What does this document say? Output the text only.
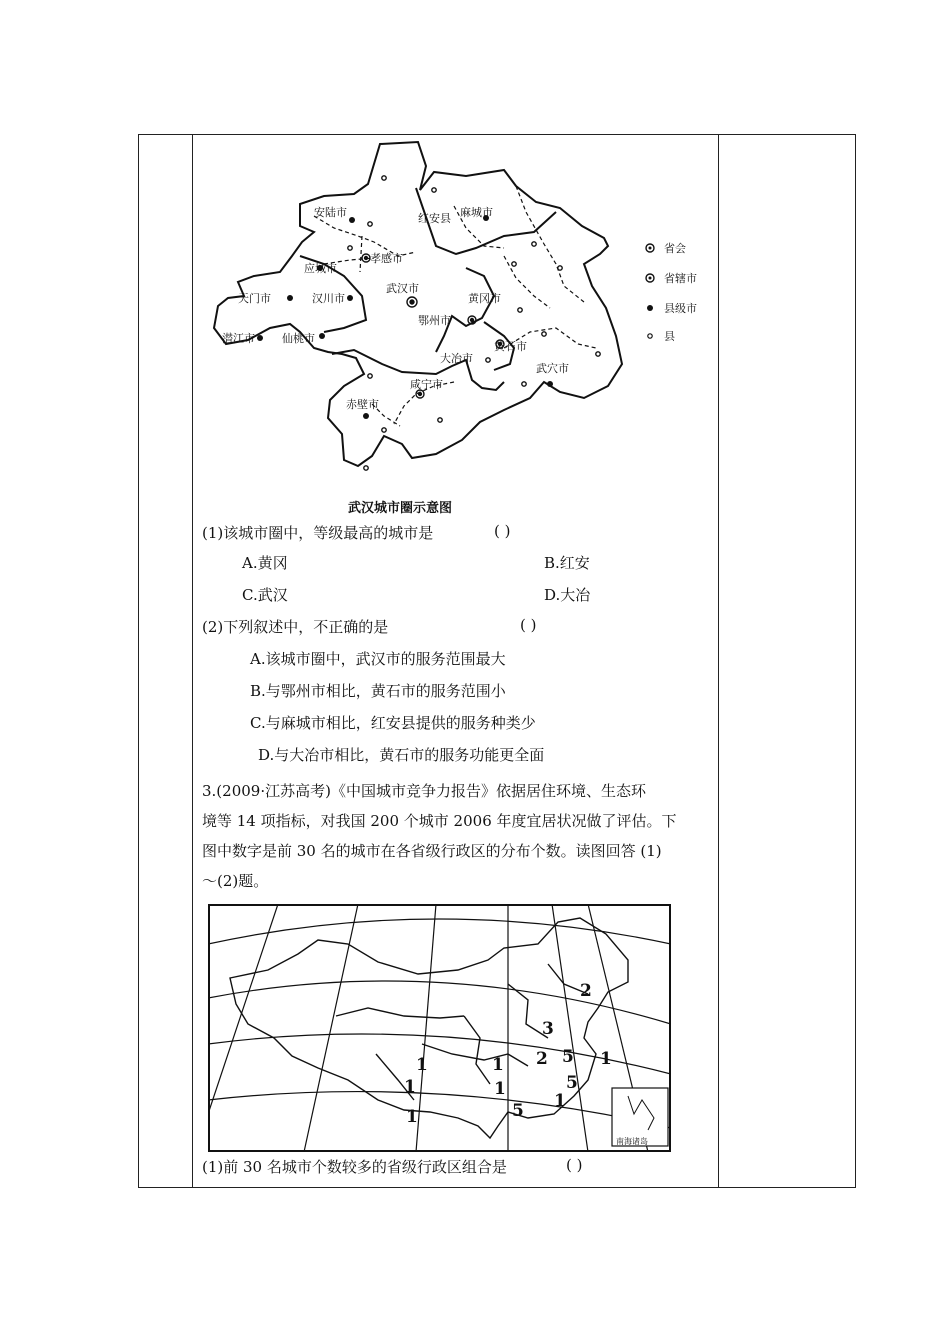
安陆市	红安县 麻城市
孝感市
应城市
天门市	汉川市
武汉市
黄冈市
鄂州市
潜江市 仙桃市
黄石市
大冶市
武穴市
咸宁市
赤壁市
省会
省辖市
县级市
县
武汉城市圈示意图
(1)该城市圈中，等级最高的城市是	( )
A.黄冈	B.红安
C.武汉	D.大冶
(2)下列叙述中，不正确的是	( )
A.该城市圈中，武汉市的服务范围最大
B.与鄂州市相比，黄石市的服务范围小
C.与麻城市相比，红安县提供的服务种类少
D.与大冶市相比，黄石市的服务功能更全面
3.(2009·江苏高考)《中国城市竞争力报告》依据居住环境、生态环
境等 14 项指标，对我国 200 个城市 2006 年度宜居状况做了评估。下
图中数字是前 30 名的城市在各省级行政区的分布个数。读图回答 (1)
～(2)题。
南海诸岛
2
3
2 5 1
1	1
1	1	5
1
5
1
(1)前 30 名城市个数较多的省级行政区组合是	( )
